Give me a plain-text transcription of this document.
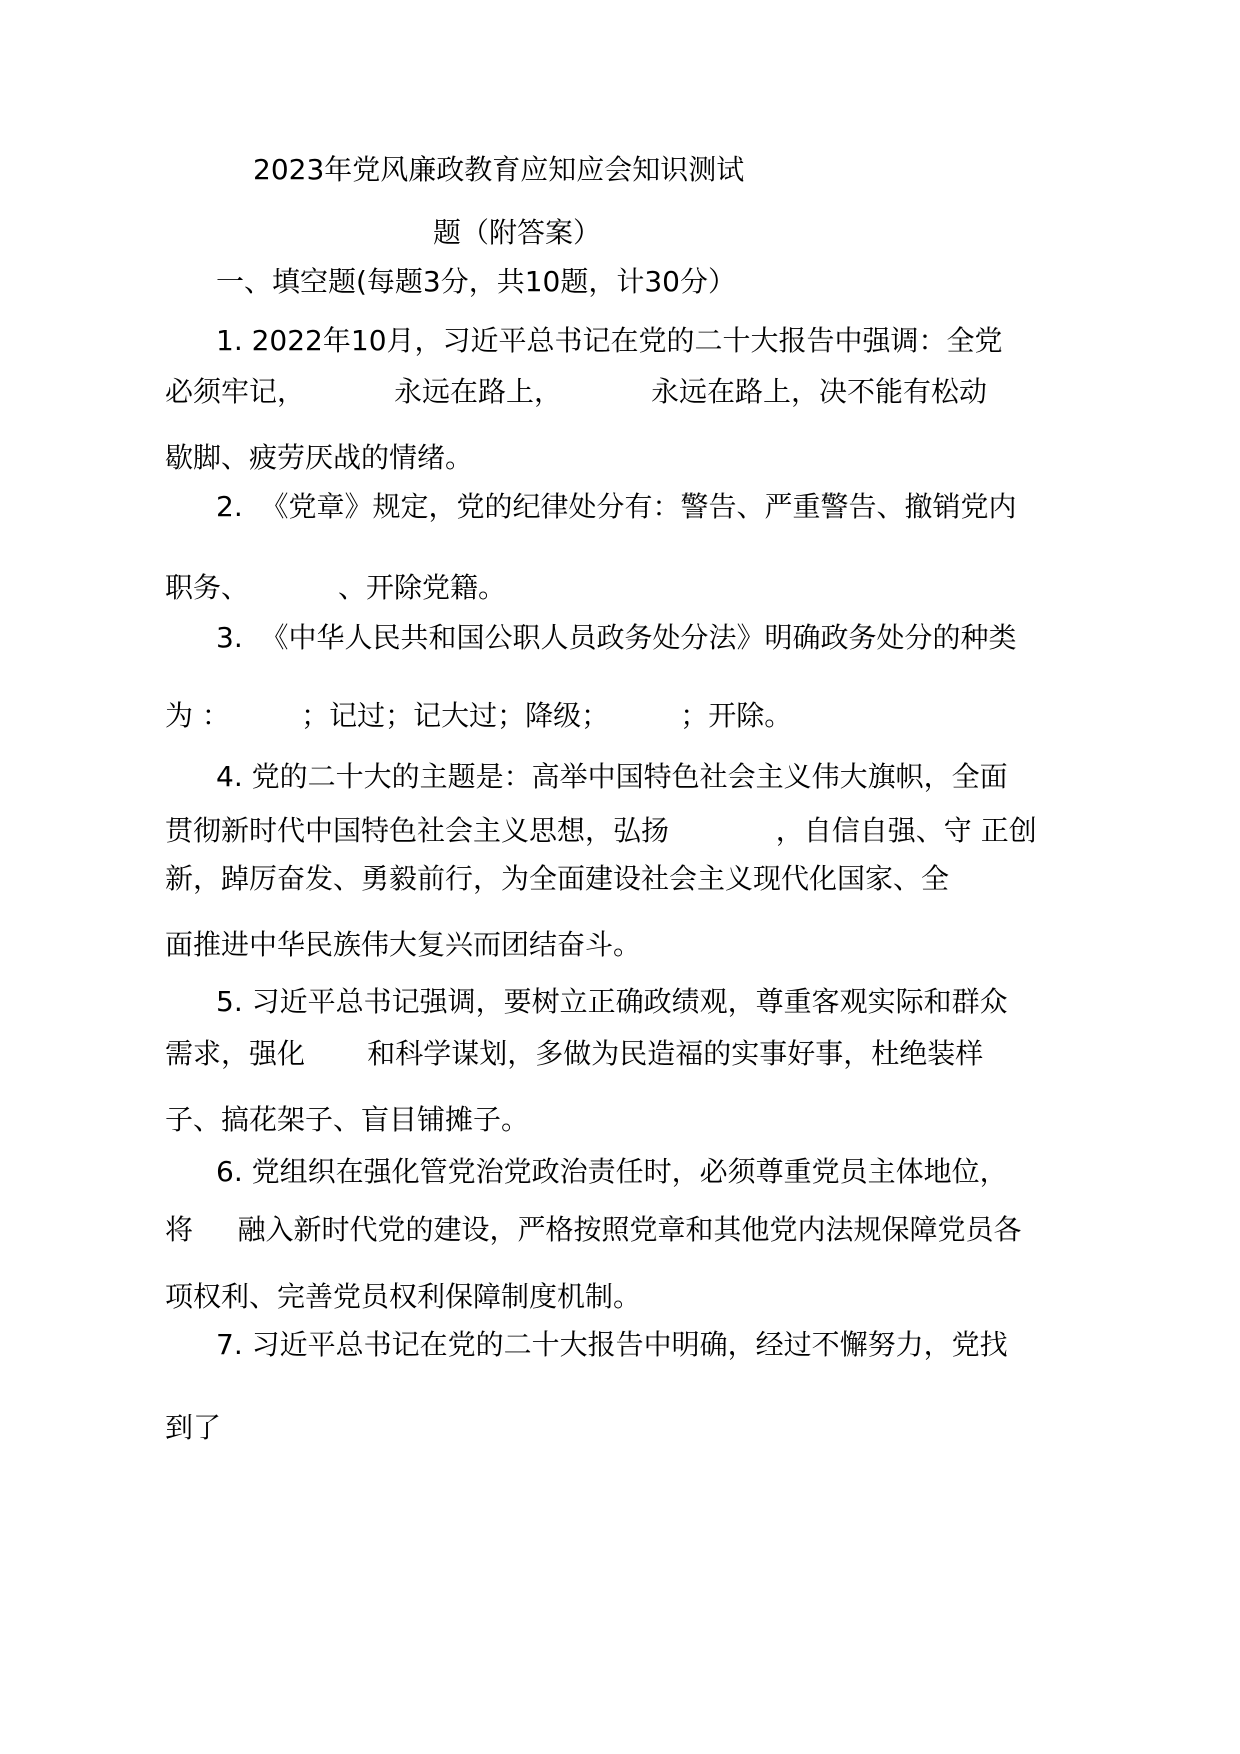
2023年党风廉政教育应知应会知识测试
题（附答案）
一、填空题(每题3分，共10题，计30分）
1. 2022年10月，习近平总书记在党的二十大报告中强调：全党
必须牢记，          永远在路上，          永远在路上，决不能有松动
歇脚、疲劳厌战的情绪。
2.  《党章》规定，党的纪律处分有：警告、严重警告、撤销党内
职务、          、开除党籍。
3.  《中华人民共和国公职人员政务处分法》明确政务处分的种类
为 ：        ；记过；记大过；降级；        ；开除。
4. 党的二十大的主题是：高举中国特色社会主义伟大旗帜，全面
贯彻新时代中国特色社会主义思想，弘扬            ，自信自强、守 正创
新，踔厉奋发、勇毅前行，为全面建设社会主义现代化国家、全
面推进中华民族伟大复兴而团结奋斗。
5. 习近平总书记强调，要树立正确政绩观，尊重客观实际和群众
需求，强化       和科学谋划，多做为民造福的实事好事，杜绝装样
子、搞花架子、盲目铺摊子。
6. 党组织在强化管党治党政治责任时，必须尊重党员主体地位，
将     融入新时代党的建设，严格按照党章和其他党内法规保障党员各
项权利、完善党员权利保障制度机制。
7. 习近平总书记在党的二十大报告中明确，经过不懈努力，党找
到了
